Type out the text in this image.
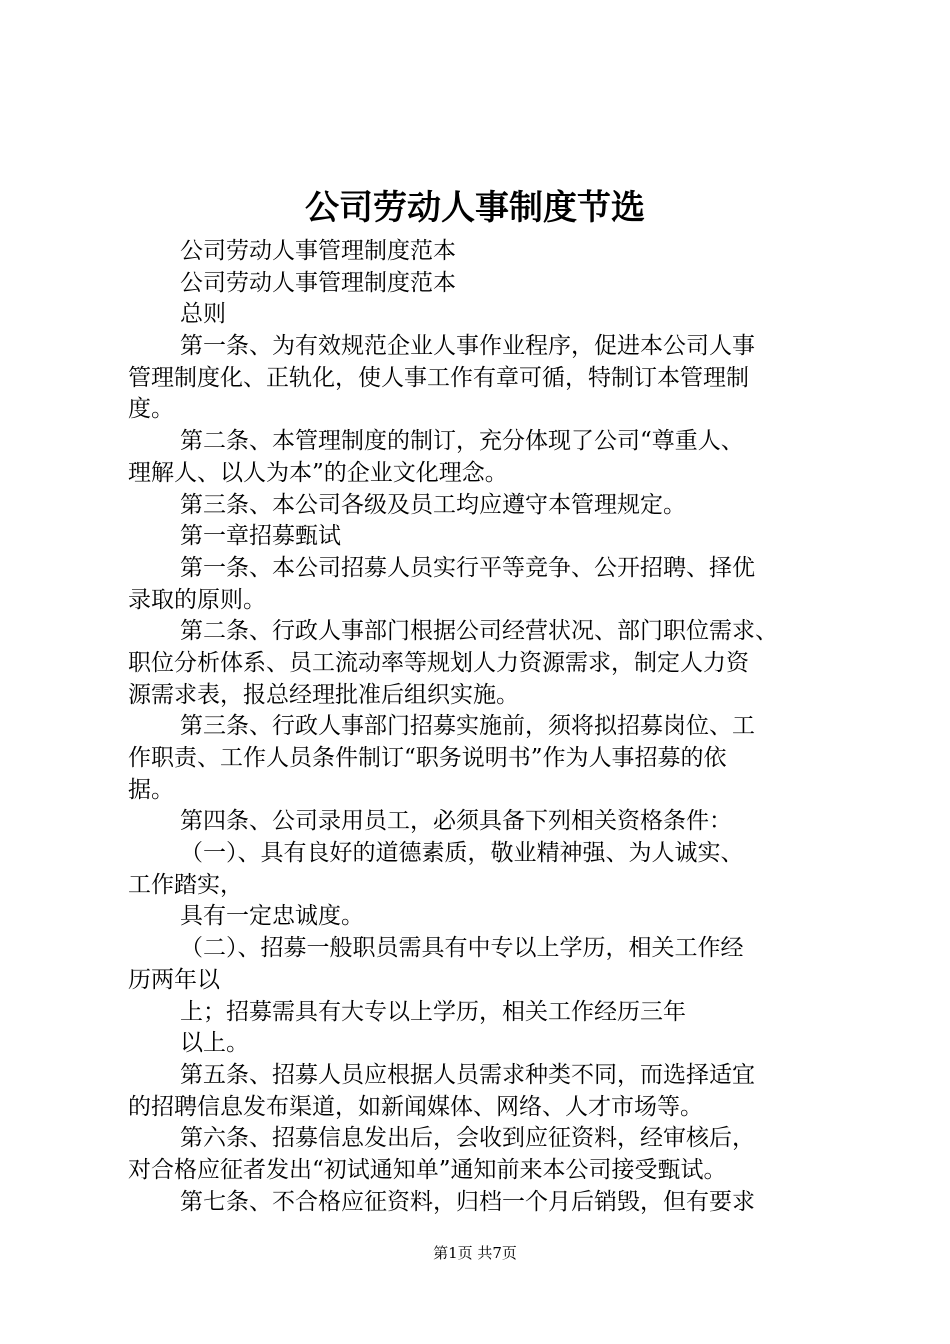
公司劳动人事制度节选
公司劳动人事管理制度范本
公司劳动人事管理制度范本
总则
第一条、为有效规范企业人事作业程序，促进本公司人事
管理制度化、正轨化，使人事工作有章可循，特制订本管理制
度。
第二条、本管理制度的制订，充分体现了公司“尊重人、
理解人、以人为本”的企业文化理念。
第三条、本公司各级及员工均应遵守本管理规定。
第一章招募甄试
第一条、本公司招募人员实行平等竞争、公开招聘、择优
录取的原则。
第二条、行政人事部门根据公司经营状况、部门职位需求、
职位分析体系、员工流动率等规划人力资源需求，制定人力资
源需求表，报总经理批准后组织实施。
第三条、行政人事部门招募实施前，须将拟招募岗位、工
作职责、工作人员条件制订“职务说明书”作为人事招募的依
据。
第四条、公司录用员工，必须具备下列相关资格条件：
（一）、具有良好的道德素质，敬业精神强、为人诚实、
工作踏实，
具有一定忠诚度。
（二）、招募一般职员需具有中专以上学历，相关工作经
历两年以
上；招募需具有大专以上学历，相关工作经历三年
以上。
第五条、招募人员应根据人员需求种类不同，而选择适宜
的招聘信息发布渠道，如新闻媒体、网络、人才市场等。
第六条、招募信息发出后，会收到应征资料，经审核后，
对合格应征者发出“初试通知单”通知前来本公司接受甄试。
第七条、不合格应征资料，归档一个月后销毁，但有要求
第1页 共7页
